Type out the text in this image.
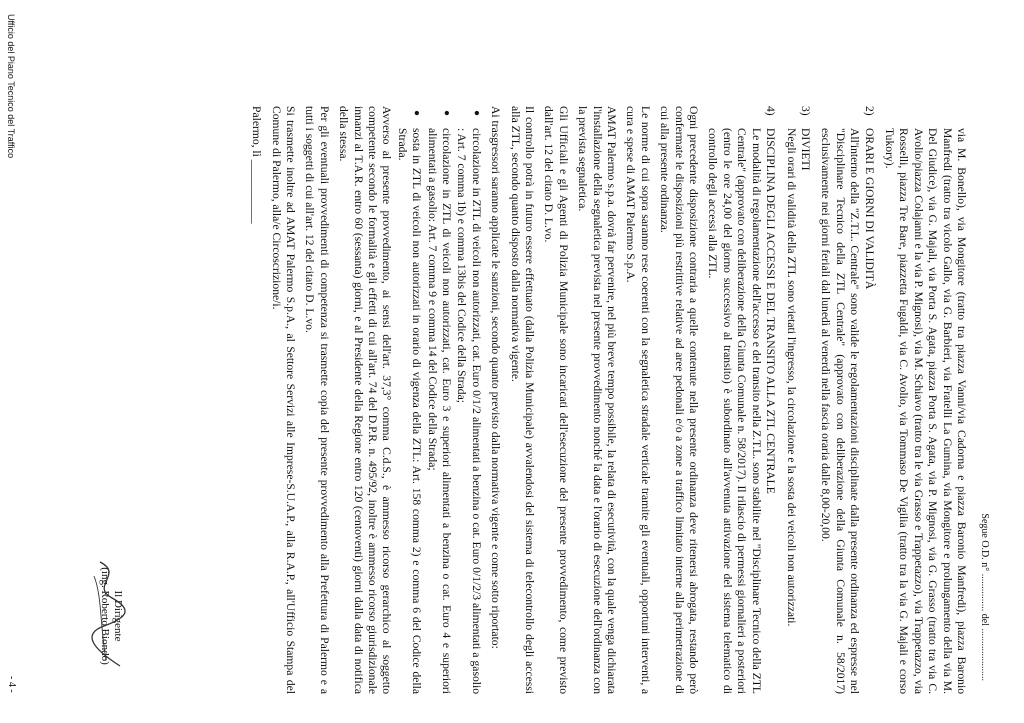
Segue O.D. n° ............... del .....................

via M. Bonello), via Mongitore (tratto tra piazza Vanni/via Cadorna e piazza Baronio Manfredi), piazza Baronio Manfredi (tratto tra vicolo Gallo, via G. Barbieri, via Fratelli La Gumina, via Mongitore e prolungamento della via M. Del Giudice), via G. Majali, via Porta S. Agata, piazza Porta S. Agata, via P. Mignosi, via G. Grasso (tratto tra via C. Avolio/piazza Colajanni e la via P. Mignosi), via M. Schiavo (tratto tra le via Grasso e Trappetazzo), via Trappetazzo, via Rosselli, piazza Tre Bare, piazzetta Fugaldi, via C. Avolio, via Tommaso De Vigilia (tratto tra la via G. Majali e corso Tukory).

2)
ORARI E GIORNI DI VALIDITÀ

All'interno della "Z.T.L. Centrale" sono valide le regolamentazioni disciplinate dalla presente ordinanza ed espresse nel "Disciplinare Tecnico della ZTL Centrale" (approvato con deliberazione della Giunta Comunale n. 58/2017) esclusivamente nei giorni feriali dal lunedì al venerdì nella fascia oraria dalle 8,00-20,00.

3)
DIVIETI

Negli orari di validità della ZTL sono vietati l'ingresso, la circolazione e la sosta dei veicoli non autorizzati.

4)
DISCIPLINA DEGLI ACCESSI E DEL TRANSITO ALLA ZTL CENTRALE

Le modalità di regolamentazione dell'accesso e del transito nella Z.T.L. sono stabilite nel "Disciplinare Tecnico della ZTL Centrale" (approvato con deliberazione della Giunta Comunale n. 58/2017). Il rilascio di permessi giornalieri a posteriori (entro le ore 24,00 del giorno successivo al transito) è subordinato all'avvenuta attivazione del sistema telematico di controllo degli accessi alla ZTL.

Ogni precedente disposizione contraria a quelle contenute nella presente ordinanza deve ritenersi abrogata, restando però confermate le disposizioni più restrittive relative ad aree pedonali e/o a zone a traffico limitato interne alla perimetrazione di cui alla presente ordinanza.

Le norme di cui sopra saranno rese coerenti con la segnaletica stradale verticale tramite gli eventuali, opportuni interventi, a cura e spese di AMAT Palermo S.p.A.

AMAT Palermo s.p.a. dovrà far pervenire, nel più breve tempo possibile, la relata di esecutività, con la quale venga dichiarata l'installazione della segnaletica prevista nel presente provvedimento nonché la data e l'orario di esecuzione dell'ordinanza con la prevista segnaletica.

Gli Ufficiali e gli Agenti di Polizia Municipale sono incaricati dell'esecuzione del presente provvedimento, come previsto dall'art. 12 del citato D. L.vo.

Il controllo potrà in futuro essere effettuato (dalla Polizia Municipale) avvalendosi del sistema di telecontrollo degli accessi alla ZTL, secondo quanto disposto dalla normativa vigente.

Ai trasgressori saranno applicate le sanzioni, secondo quanto previsto dalla normativa vigente e come sotto riportato:

●
circolazione in ZTL di veicoli non autorizzati, cat. Euro 0/1/2 alimentati a benzina o cat. Euro 0/1/2/3 alimentati a gasolio : Art. 7 comma 1b) e comma 13bis del Codice della Strada;
●
circolazione in ZTL di veicoli non autorizzati, cat. Euro 3 e superiori alimentati a benzina o cat. Euro 4 e superiori alimentati a gasolio: Art. 7 comma 9 e comma 14 del Codice della Strada;
●
sosta in ZTL di veicoli non autorizzati in orario di vigenza della ZTL: Art. 158 comma 2) e comma 6 del Codice della Strada.

Avverso al presente provvedimento, ai sensi dell'art. 37,3° comma C.d.S., è ammesso ricorso gerarchico al soggetto competente secondo le formalità e gli effetti di cui all'art. 74 del D.P.R. n. 495/92, inoltre è ammesso ricorso giurisdizionale innanzi al T.A.R. entro 60 (sessanta) giorni, e al Presidente della Regione entro 120 (centoventi) giorni dalla data di notifica della stessa.

Per gli eventuali provvedimenti di competenza si trasmette copia del presente provvedimento alla Prefettura di Palermo e a tutti i soggetti di cui all'art. 12 del citato D. L.vo.

Si trasmette inoltre ad AMAT Palermo S.p.A., al Settore Servizi alle Imprese-S.U.A.P., alla R.A.P., all'Ufficio Stampa del Comune di Palermo, alla/e Circoscrizione/i.

Palermo, lì ___________

Il Dirigente
(ing. Roberto Biondo)
Ufficio del Piano Tecnico del Traffico
- 4 -
